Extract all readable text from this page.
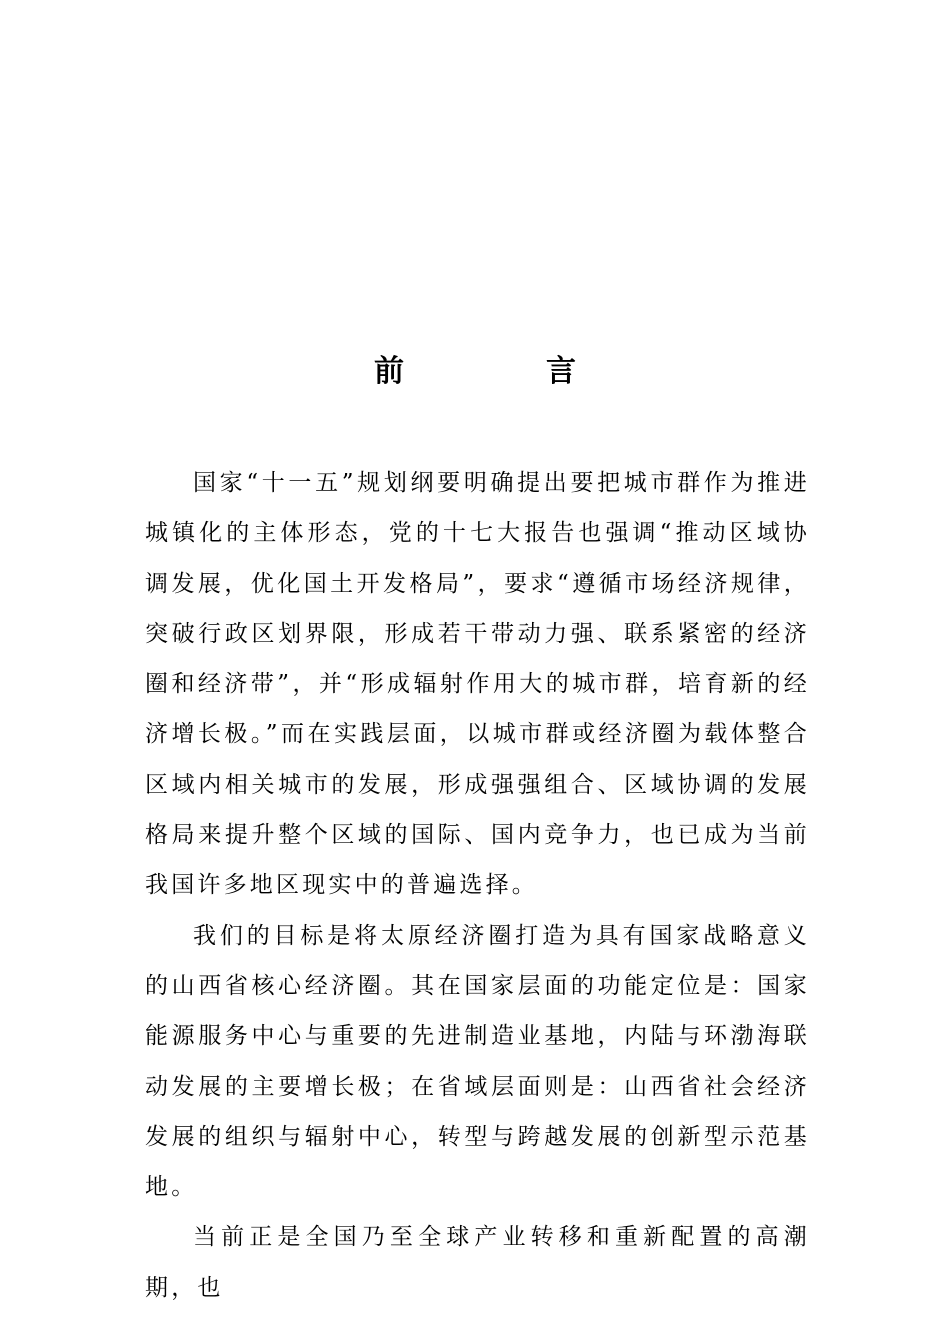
前　言

国家“十一五”规划纲要明确提出要把城市群作为推进城镇化的主体形态，党的十七大报告也强调“推动区域协调发展，优化国土开发格局”，要求“遵循市场经济规律，突破行政区划界限，形成若干带动力强、联系紧密的经济圈和经济带”，并“形成辐射作用大的城市群，培育新的经济增长极。”而在实践层面，以城市群或经济圈为载体整合区域内相关城市的发展，形成强强组合、区域协调的发展格局来提升整个区域的国际、国内竞争力，也已成为当前我国许多地区现实中的普遍选择。

我们的目标是将太原经济圈打造为具有国家战略意义的山西省核心经济圈。其在国家层面的功能定位是：国家能源服务中心与重要的先进制造业基地，内陆与环渤海联动发展的主要增长极；在省域层面则是：山西省社会经济发展的组织与辐射中心，转型与跨越发展的创新型示范基地。

当前正是全国乃至全球产业转移和重新配置的高潮期，也
